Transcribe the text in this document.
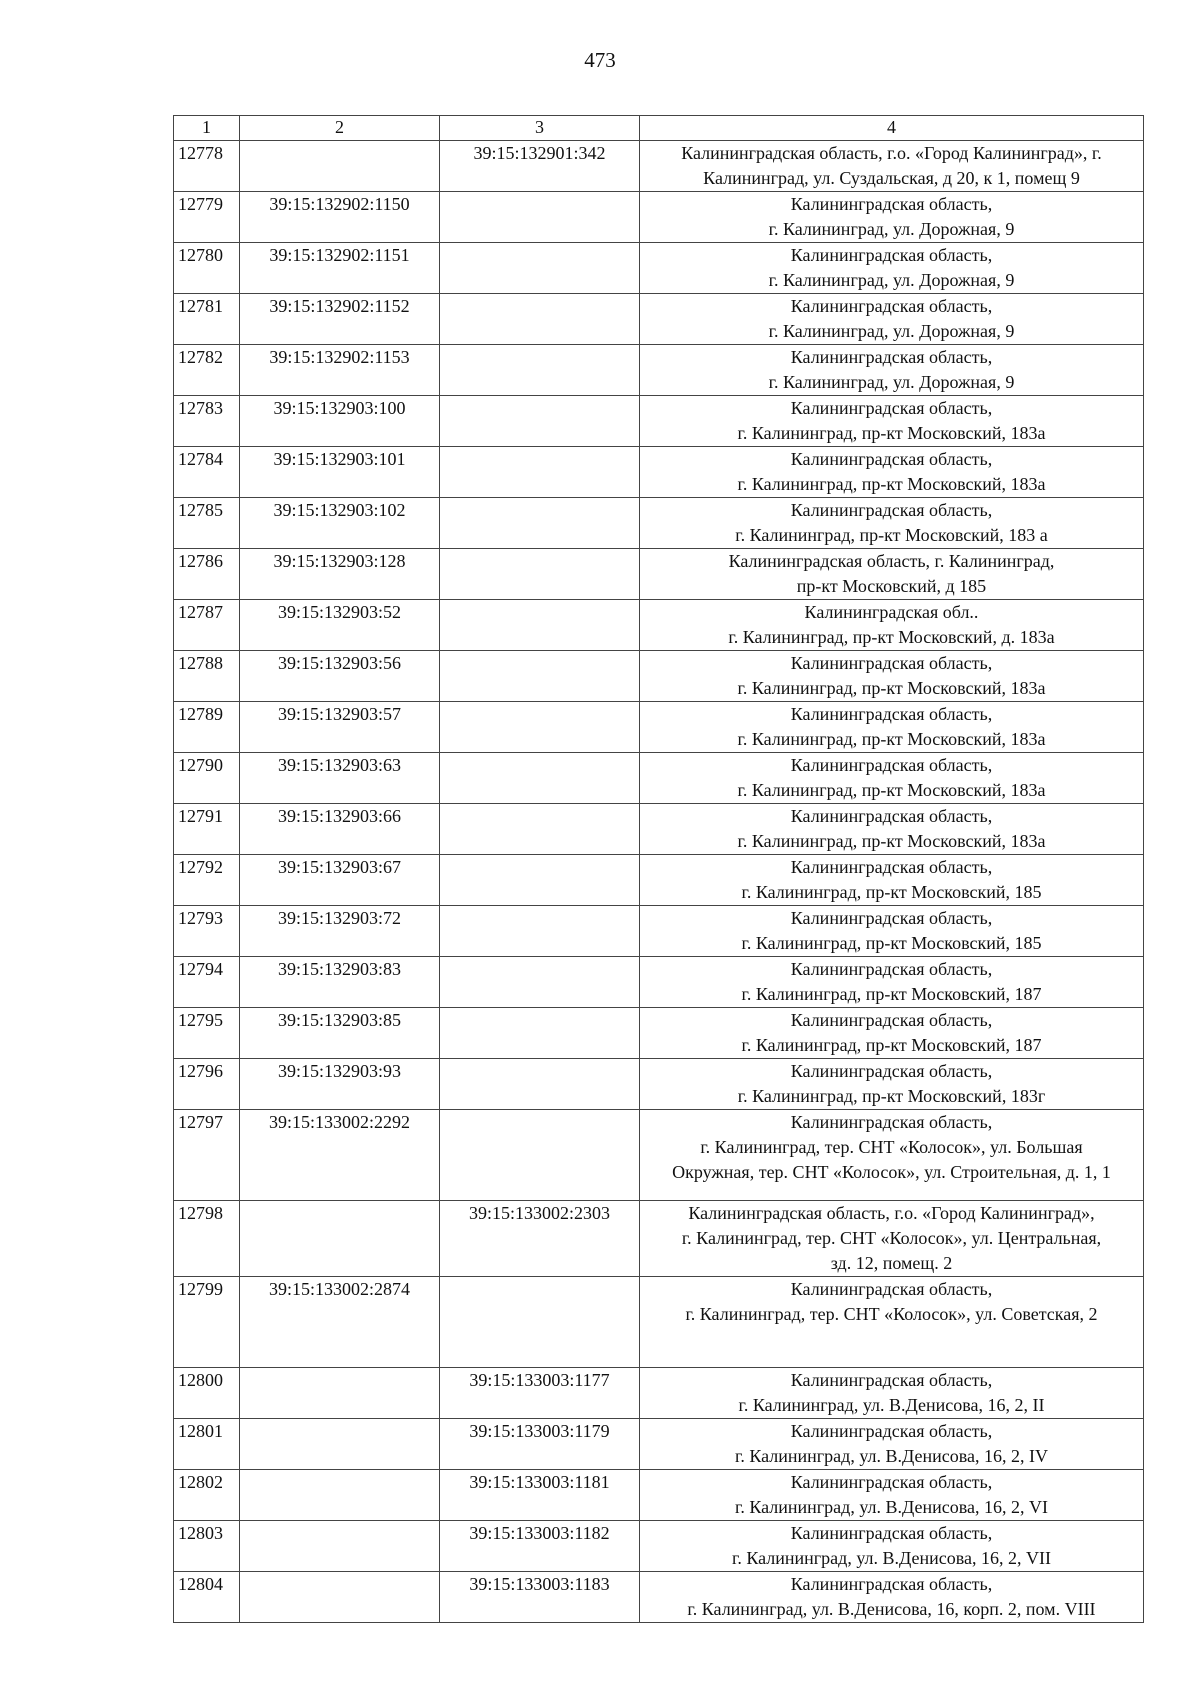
473
1	2	3	4
12778		39:15:132901:342	Калининградская область, г.о. «Город Калининград», г.
Калининград, ул. Суздальская, д 20, к 1, помещ 9
12779	39:15:132902:1150		Калининградская область,
г. Калининград, ул. Дорожная, 9
12780	39:15:132902:1151		Калининградская область,
г. Калининград, ул. Дорожная, 9
12781	39:15:132902:1152		Калининградская область,
г. Калининград, ул. Дорожная, 9
12782	39:15:132902:1153		Калининградская область,
г. Калининград, ул. Дорожная, 9
12783	39:15:132903:100		Калининградская область,
г. Калининград, пр-кт Московский, 183а
12784	39:15:132903:101		Калининградская область,
г. Калининград, пр-кт Московский, 183а
12785	39:15:132903:102		Калининградская область,
г. Калининград, пр-кт Московский, 183 а
12786	39:15:132903:128		Калининградская область, г. Калининград,
пр-кт Московский, д 185
12787	39:15:132903:52		Калининградская обл..
г. Калининград, пр-кт Московский, д. 183а
12788	39:15:132903:56		Калининградская область,
г. Калининград, пр-кт Московский, 183а
12789	39:15:132903:57		Калининградская область,
г. Калининград, пр-кт Московский, 183а
12790	39:15:132903:63		Калининградская область,
г. Калининград, пр-кт Московский, 183а
12791	39:15:132903:66		Калининградская область,
г. Калининград, пр-кт Московский, 183а
12792	39:15:132903:67		Калининградская область,
г. Калининград, пр-кт Московский, 185
12793	39:15:132903:72		Калининградская область,
г. Калининград, пр-кт Московский, 185
12794	39:15:132903:83		Калининградская область,
г. Калининград, пр-кт Московский, 187
12795	39:15:132903:85		Калининградская область,
г. Калининград, пр-кт Московский, 187
12796	39:15:132903:93		Калининградская область,
г. Калининград, пр-кт Московский, 183г
12797	39:15:133002:2292		Калининградская область,
г. Калининград, тер. СНТ «Колосок», ул. Большая
Окружная, тер. СНТ «Колосок», ул. Строительная, д. 1, 1
12798		39:15:133002:2303	Калининградская область, г.о. «Город Калининград»,
г. Калининград, тер. СНТ «Колосок», ул. Центральная,
зд. 12, помещ. 2
12799	39:15:133002:2874		Калининградская область,
г. Калининград, тер. СНТ «Колосок», ул. Советская, 2
12800		39:15:133003:1177	Калининградская область,
г. Калининград, ул. В.Денисова, 16, 2, II
12801		39:15:133003:1179	Калининградская область,
г. Калининград, ул. В.Денисова, 16, 2, IV
12802		39:15:133003:1181	Калининградская область,
г. Калининград, ул. В.Денисова, 16, 2, VI
12803		39:15:133003:1182	Калининградская область,
г. Калининград, ул. В.Денисова, 16, 2, VII
12804		39:15:133003:1183	Калининградская область,
г. Калининград, ул. В.Денисова, 16, корп. 2, пом. VIII
